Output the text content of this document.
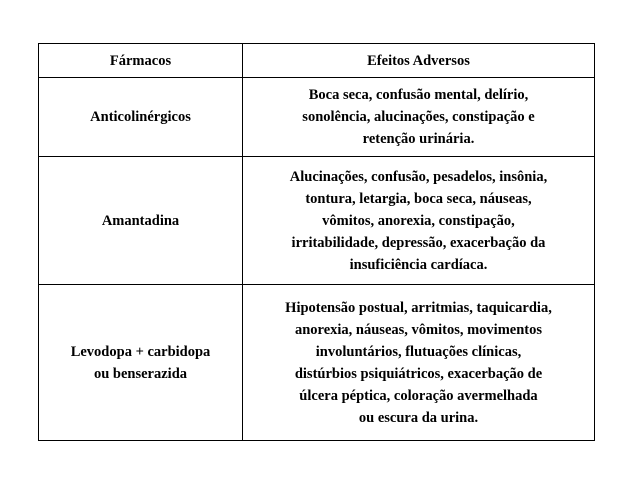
Fármacos	Efeitos Adversos
Anticolinérgicos
Boca seca, confusão mental, delírio,
sonolência, alucinações, constipação e
retenção urinária.
Amantadina
Alucinações, confusão, pesadelos, insônia,
tontura, letargia, boca seca, náuseas,
vômitos, anorexia, constipação,
irritabilidade, depressão, exacerbação da
insuficiência cardíaca.
Levodopa + carbidopa
ou benserazida
Hipotensão postual, arritmias, taquicardia,
anorexia, náuseas, vômitos, movimentos
involuntários, flutuações clínicas,
distúrbios psiquiátricos, exacerbação de
úlcera péptica, coloração avermelhada
ou escura da urina.
